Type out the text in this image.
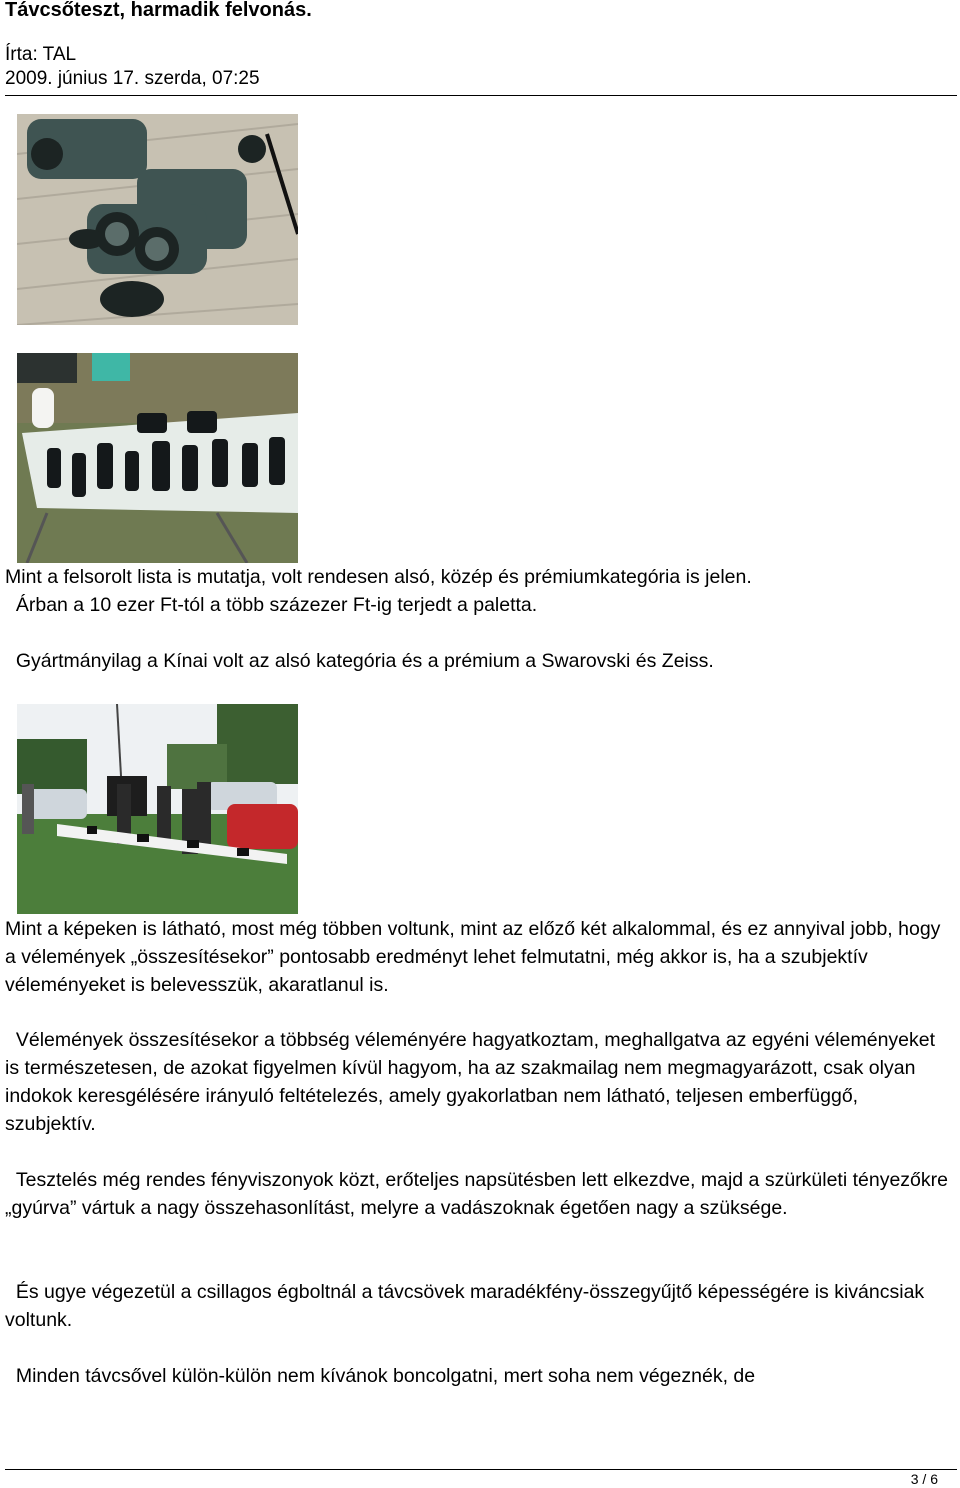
Távcsőteszt, harmadik felvonás.
Írta: TAL
2009. június 17. szerda, 07:25
Mint a felsorolt lista is mutatja, volt rendesen alsó, közép és prémiumkategória is jelen.
Árban a 10 ezer Ft-tól a több százezer Ft-ig terjedt a paletta.
Gyártmányilag a Kínai volt az alsó kategória és a prémium a Swarovski és Zeiss.
Mint a képeken is látható, most még többen voltunk, mint az előző két alkalommal, és ez annyival jobb, hogy a vélemények „összesítésekor” pontosabb eredményt lehet felmutatni, még akkor is, ha a szubjektív véleményeket is belevesszük, akaratlanul is.
Vélemények összesítésekor a többség véleményére hagyatkoztam, meghallgatva az egyéni véleményeket is természetesen, de azokat figyelmen kívül hagyom, ha az szakmailag nem megmagyarázott, csak olyan indokok keresgélésére irányuló feltételezés, amely gyakorlatban nem látható, teljesen emberfüggő, szubjektív.
Tesztelés még rendes fényviszonyok közt, erőteljes napsütésben lett elkezdve, majd a szürkületi tényezőkre „gyúrva” vártuk a nagy összehasonlítást, melyre a vadászoknak égetően nagy a szüksége.
És ugye végezetül a csillagos égboltnál a távcsövek maradékfény-összegyűjtő képességére is kiváncsiak voltunk.
Minden távcsővel külön-külön nem kívánok boncolgatni, mert soha nem végeznék, de
3 / 6
